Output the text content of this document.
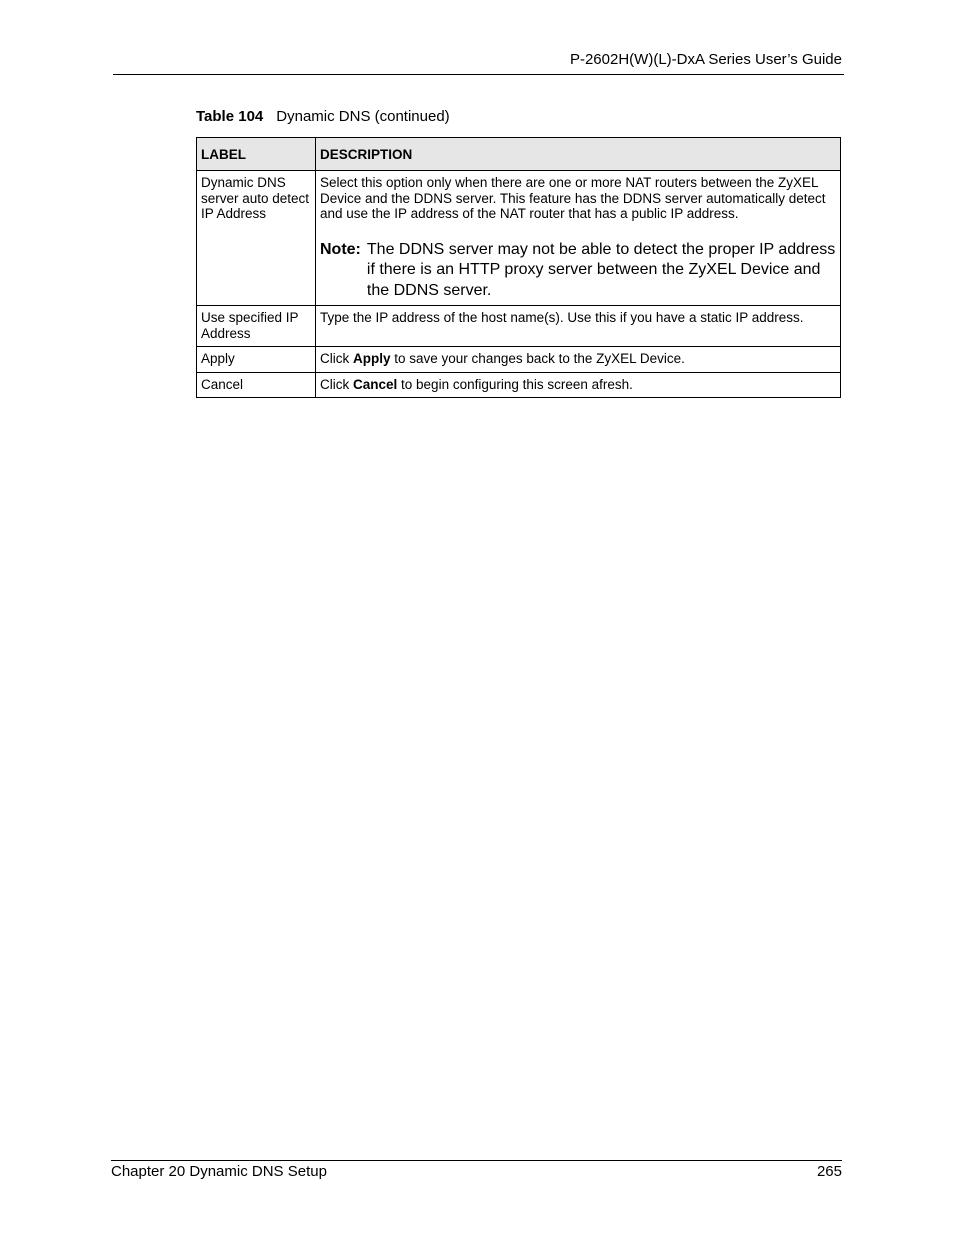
P-2602H(W)(L)-DxA Series User’s Guide
Table 104 Dynamic DNS (continued)
LABEL	DESCRIPTION
Dynamic DNS server auto detect IP Address	Select this option only when there are one or more NAT routers between the ZyXEL Device and the DDNS server. This feature has the DDNS server automatically detect and use the IP address of the NAT router that has a public IP address.
Note: The DDNS server may not be able to detect the proper IP address if there is an HTTP proxy server between the ZyXEL Device and the DDNS server.

Use specified IP Address	Type the IP address of the host name(s). Use this if you have a static IP address.
Apply	Click Apply to save your changes back to the ZyXEL Device.
Cancel	Click Cancel to begin configuring this screen afresh.
Chapter 20 Dynamic DNS Setup	265
